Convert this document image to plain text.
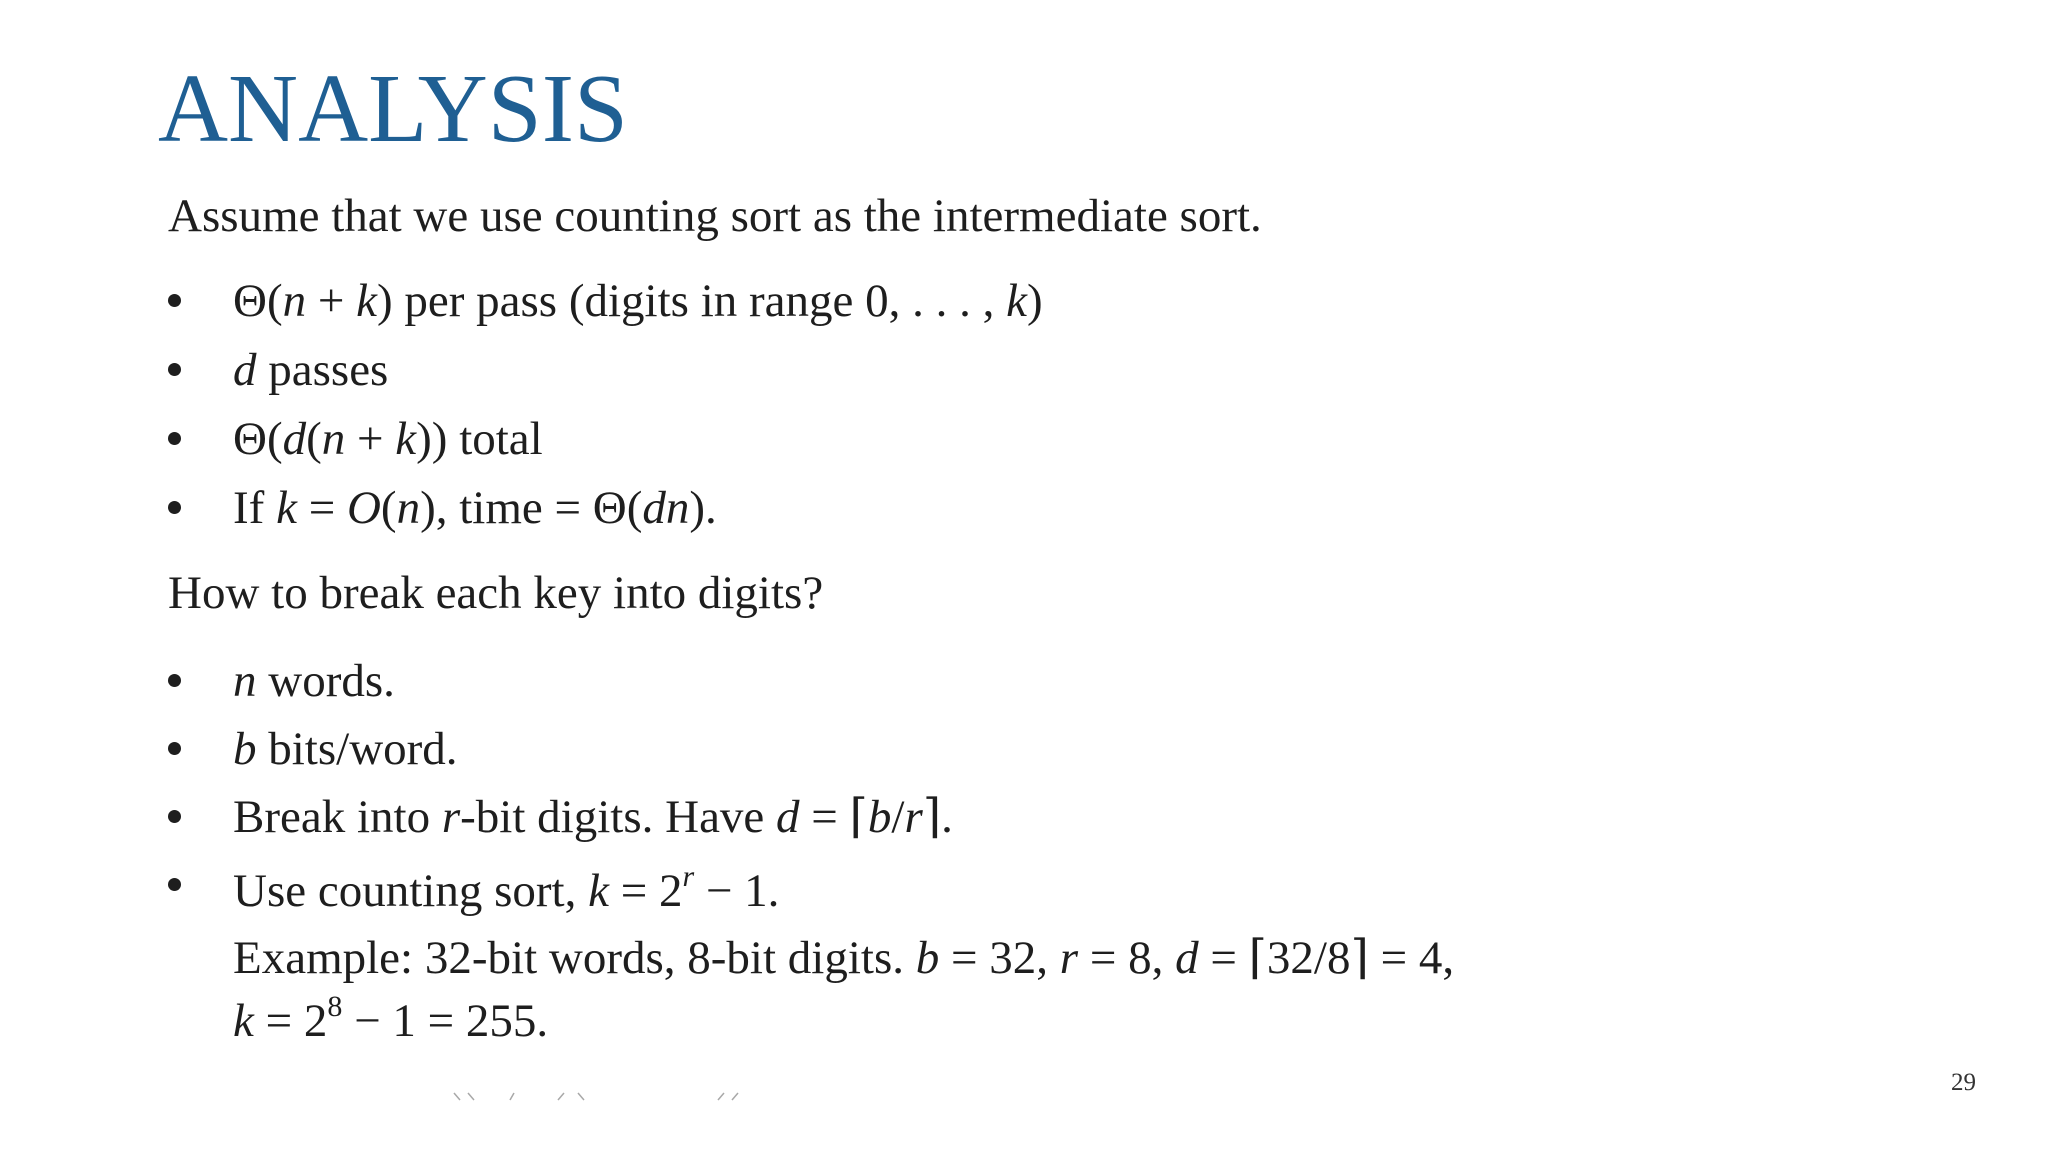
ANALYSIS
Assume that we use counting sort as the intermediate sort.
Θ(n + k) per pass (digits in range 0, . . . , k)
d passes
Θ(d(n + k)) total
If k = O(n), time = Θ(dn).
How to break each key into digits?
n words.
b bits/word.
Break into r-bit digits. Have d = ⌈b/r⌉.
Use counting sort, $k = 2^r - 1$.
Example: 32-bit words, 8-bit digits. b = 32, r = 8, d = ⌈32/8⌉ = 4,
$k = 2^8 - 1 = 255$.
29
